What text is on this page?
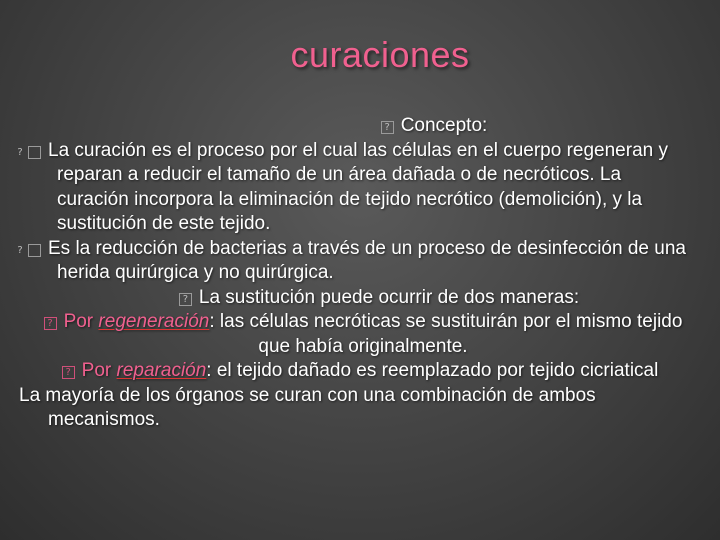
curaciones

? Concepto:

? La curación es el proceso por el cual las células en el cuerpo regeneran y reparan a reducir el tamaño de un área dañada o de necróticos. La curación incorpora la eliminación de tejido necrótico (demolición), y la sustitución de este tejido.

? Es la reducción de bacterias a través de un proceso de desinfección de una herida quirúrgica y no quirúrgica.

? La sustitución puede ocurrir de dos maneras:

? Por regeneración: las células necróticas se sustituirán por el mismo tejido que había originalmente.

? Por reparación: el tejido dañado es reemplazado por tejido cicriatical

La mayoría de los órganos se curan con una combinación de ambos mecanismos.
